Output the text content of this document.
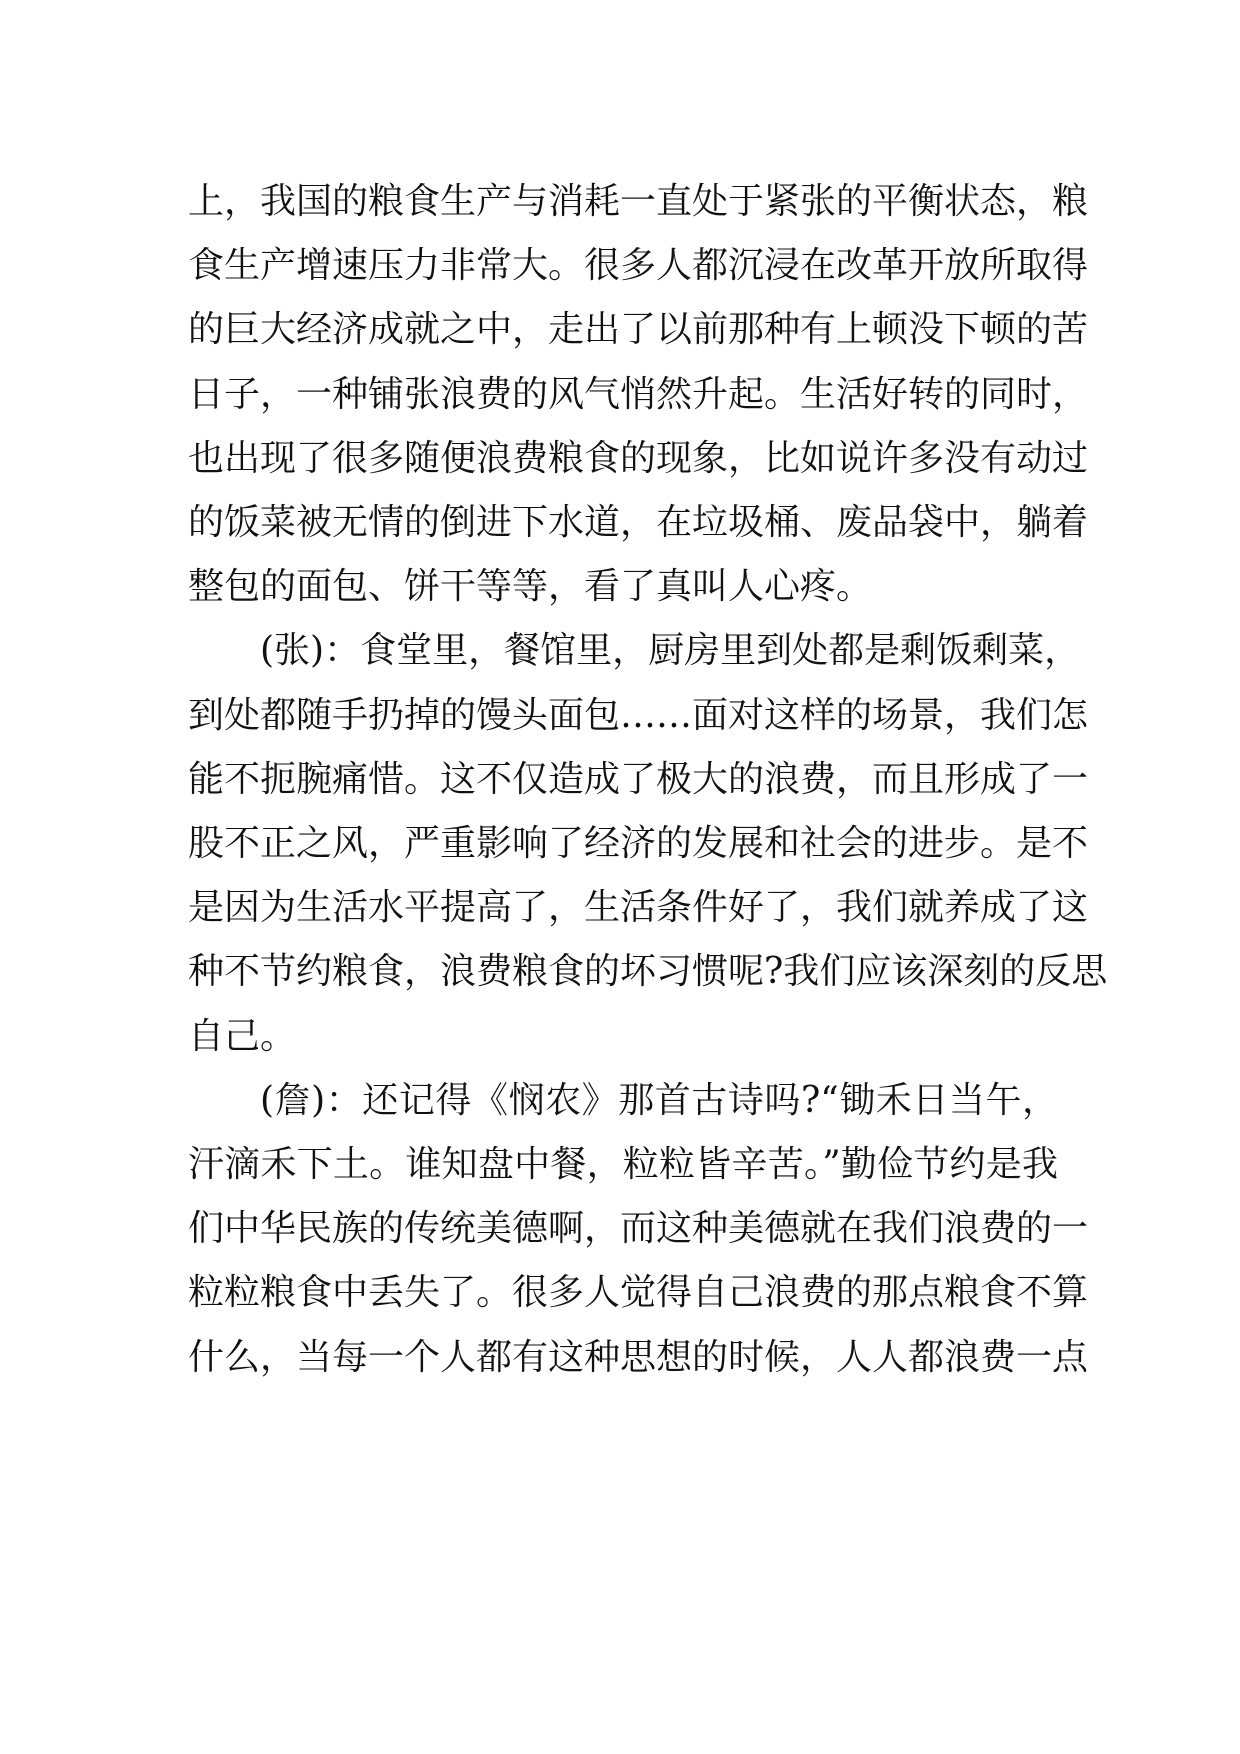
上，我国的粮食生产与消耗一直处于紧张的平衡状态，粮
食生产增速压力非常大。很多人都沉浸在改革开放所取得
的巨大经济成就之中，走出了以前那种有上顿没下顿的苦
日子，一种铺张浪费的风气悄然升起。生活好转的同时，
也出现了很多随便浪费粮食的现象，比如说许多没有动过
的饭菜被无情的倒进下水道，在垃圾桶、废品袋中，躺着
整包的面包、饼干等等，看了真叫人心疼。

(张)：食堂里，餐馆里，厨房里到处都是剩饭剩菜，
到处都随手扔掉的馒头面包……面对这样的场景，我们怎
能不扼腕痛惜。这不仅造成了极大的浪费，而且形成了一
股不正之风，严重影响了经济的发展和社会的进步。是不
是因为生活水平提高了，生活条件好了，我们就养成了这
种不节约粮食，浪费粮食的坏习惯呢?我们应该深刻的反思
自己。

(詹)：还记得《悯农》那首古诗吗?“锄禾日当午，
汗滴禾下土。谁知盘中餐，粒粒皆辛苦。”勤俭节约是我
们中华民族的传统美德啊，而这种美德就在我们浪费的一
粒粒粮食中丢失了。很多人觉得自己浪费的那点粮食不算
什么，当每一个人都有这种思想的时候，人人都浪费一点
